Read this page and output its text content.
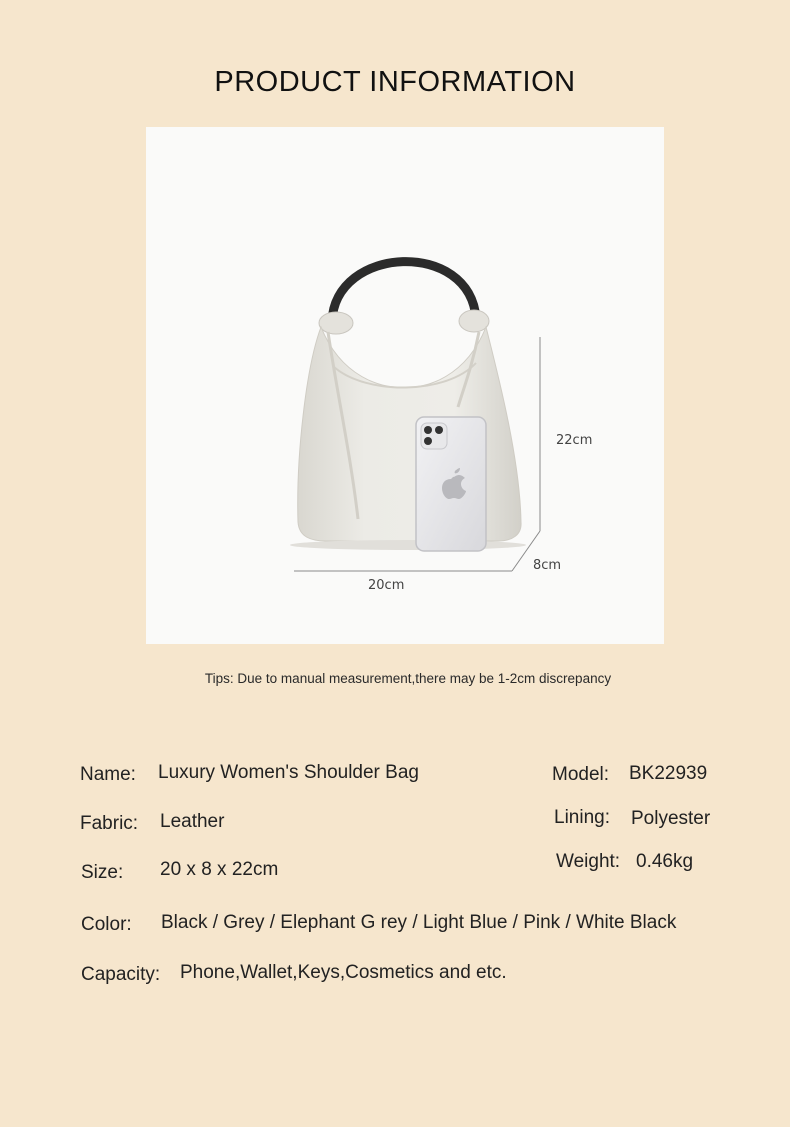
PRODUCT INFORMATION
20cm
8cm
22cm
Tips: Due to manual measurement,there may be 1-2cm discrepancy
Name: Luxury Women's Shoulder Bag	Model: BK22939
Fabric: Leather	Lining: Polyester
Size: 20 x 8 x 22cm	Weight: 0.46kg
Color: Black / Grey / Elephant G rey / Light Blue / Pink / White Black
Capacity: Phone,Wallet,Keys,Cosmetics and etc.
